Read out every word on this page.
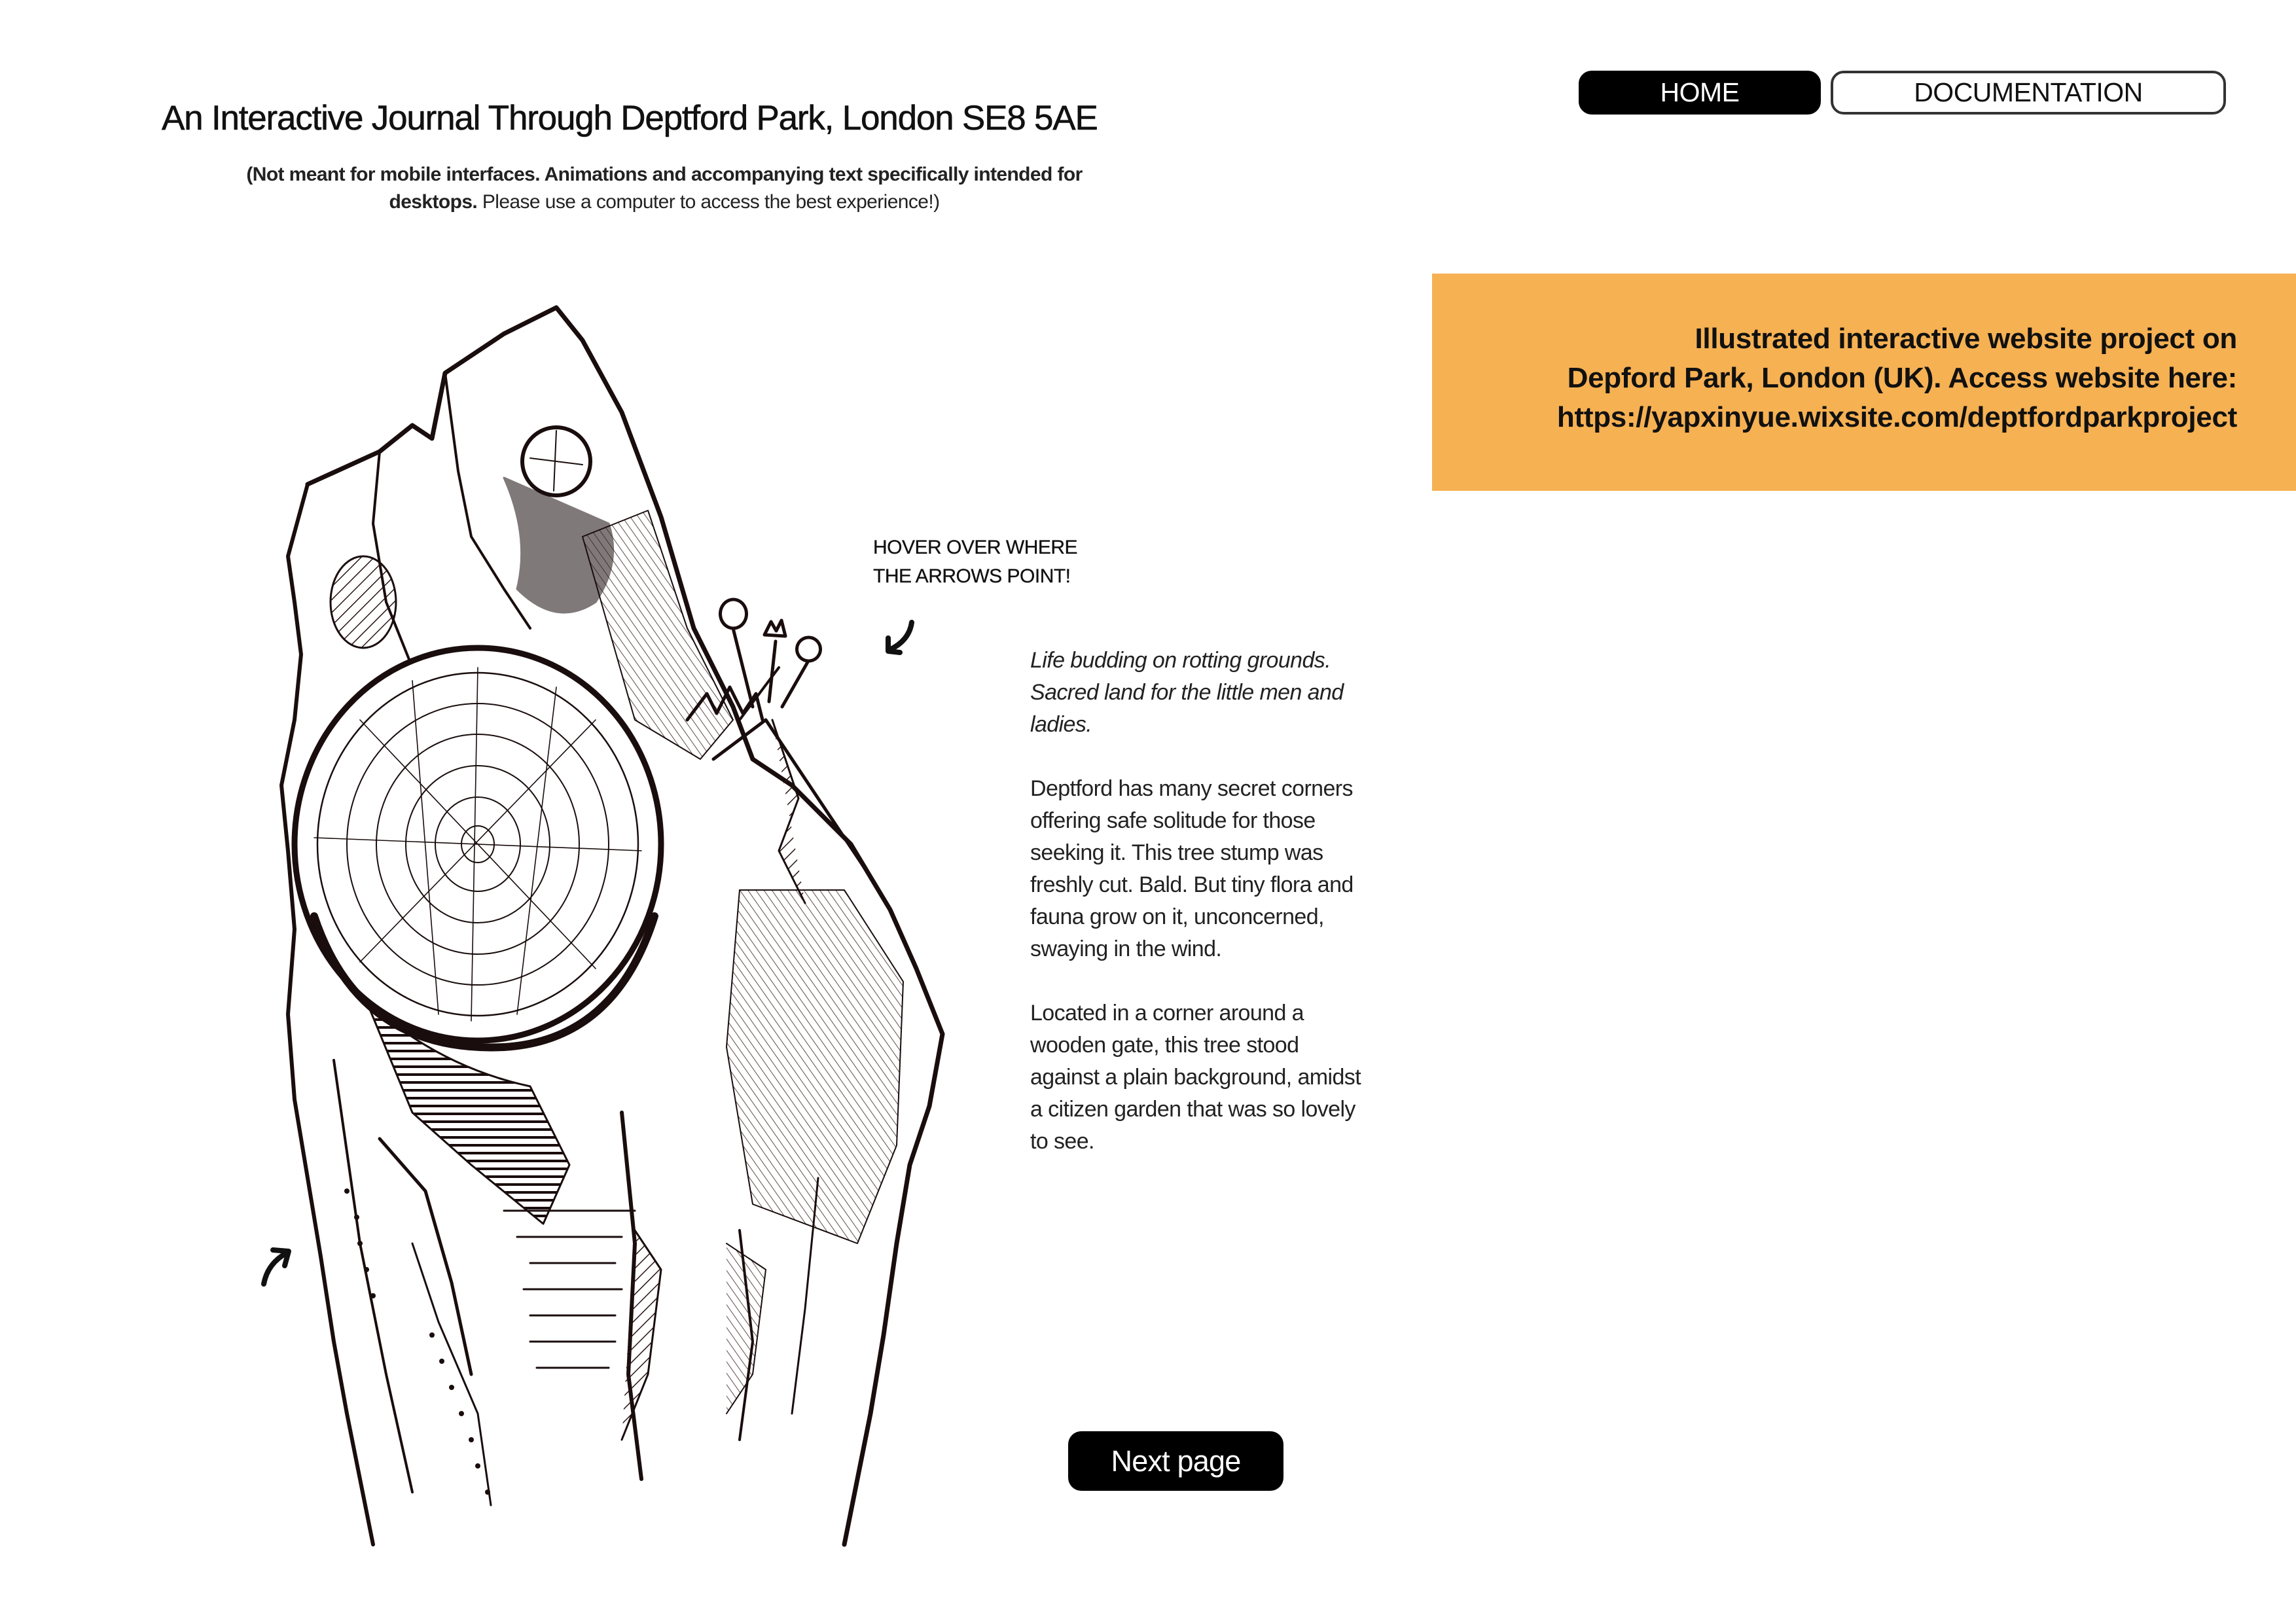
An Interactive Journal Through Deptford Park, London SE8 5AE
(Not meant for mobile interfaces. Animations and accompanying text specifically intended for desktops. Please use a computer to access the best experience!)
HOME	DOCUMENTATION
Illustrated interactive website project on
Depford Park, London (UK). Access website here:
https://yapxinyue.wixsite.com/deptfordparkproject
HOVER OVER WHERE
THE ARROWS POINT!

Life budding on rotting grounds. Sacred land for the little men and ladies.

Deptford has many secret corners offering safe solitude for those seeking it. This tree stump was freshly cut. Bald. But tiny flora and fauna grow on it, unconcerned, swaying in the wind.

Located in a corner around a wooden gate, this tree stood against a plain background, amidst a citizen garden that was so lovely to see.

Next page
